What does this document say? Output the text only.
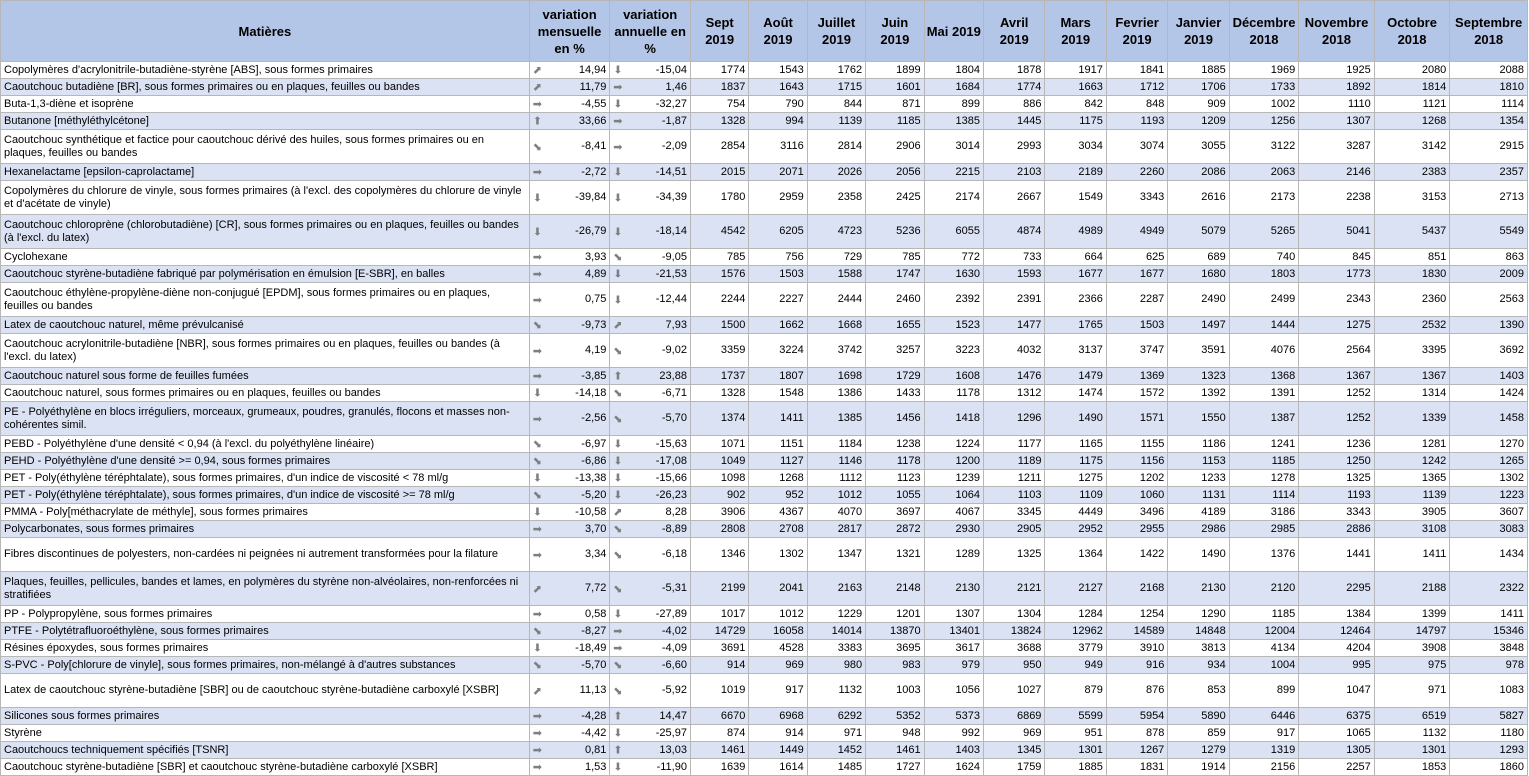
Matières	variation mensuelle en %	variation annuelle en %	Sept 2019	Août 2019	Juillet 2019	Juin 2019	Mai 2019	Avril 2019	Mars 2019	Fevrier 2019	Janvier 2019	Décembre 2018	Novembre 2018	Octobre 2018	Septembre 2018
Copolymères d'acrylonitrile-butadiène-styrène [ABS], sous formes primaires	⬈ 14,94	⬇ -15,04	1774	1543	1762	1899	1804	1878	1917	1841	1885	1969	1925	2080	2088
Caoutchouc butadiène [BR], sous formes primaires ou en plaques, feuilles ou bandes	⬈ 11,79	➡ 1,46	1837	1643	1715	1601	1684	1774	1663	1712	1706	1733	1892	1814	1810
Buta-1,3-diène et isoprène	➡ -4,55	⬇ -32,27	754	790	844	871	899	886	842	848	909	1002	1110	1121	1114
Butanone [méthyléthylcétone]	⬆ 33,66	➡ -1,87	1328	994	1139	1185	1385	1445	1175	1193	1209	1256	1307	1268	1354
Caoutchouc synthétique et factice pour caoutchouc dérivé des huiles, sous formes primaires ou en plaques, feuilles ou bandes	⬊ -8,41	➡ -2,09	2854	3116	2814	2906	3014	2993	3034	3074	3055	3122	3287	3142	2915
Hexanelactame [epsilon-caprolactame]	➡ -2,72	⬇ -14,51	2015	2071	2026	2056	2215	2103	2189	2260	2086	2063	2146	2383	2357
Copolymères du chlorure de vinyle, sous formes primaires (à l'excl. des copolymères du chlorure de vinyle et d'acétate de vinyle)	⬇ -39,84	⬇ -34,39	1780	2959	2358	2425	2174	2667	1549	3343	2616	2173	2238	3153	2713
Caoutchouc chloroprène (chlorobutadiène) [CR], sous formes primaires ou en plaques, feuilles ou bandes (à l'excl. du latex)	⬇ -26,79	⬇ -18,14	4542	6205	4723	5236	6055	4874	4989	4949	5079	5265	5041	5437	5549
Cyclohexane	➡ 3,93	⬊ -9,05	785	756	729	785	772	733	664	625	689	740	845	851	863
Caoutchouc styrène-butadiène fabriqué par polymérisation en émulsion [E-SBR], en balles	➡ 4,89	⬇ -21,53	1576	1503	1588	1747	1630	1593	1677	1677	1680	1803	1773	1830	2009
Caoutchouc éthylène-propylène-diène non-conjugué [EPDM], sous formes primaires ou en plaques, feuilles ou bandes	➡ 0,75	⬇ -12,44	2244	2227	2444	2460	2392	2391	2366	2287	2490	2499	2343	2360	2563
Latex de caoutchouc naturel, même prévulcanisé	⬊ -9,73	⬈ 7,93	1500	1662	1668	1655	1523	1477	1765	1503	1497	1444	1275	2532	1390
Caoutchouc acrylonitrile-butadiène [NBR], sous formes primaires ou en plaques, feuilles ou bandes (à l'excl. du latex)	➡ 4,19	⬊ -9,02	3359	3224	3742	3257	3223	4032	3137	3747	3591	4076	2564	3395	3692
Caoutchouc naturel sous forme de feuilles fumées	➡ -3,85	⬆ 23,88	1737	1807	1698	1729	1608	1476	1479	1369	1323	1368	1367	1367	1403
Caoutchouc naturel, sous formes primaires ou en plaques, feuilles ou bandes	⬇ -14,18	⬊ -6,71	1328	1548	1386	1433	1178	1312	1474	1572	1392	1391	1252	1314	1424
PE - Polyéthylène en blocs irréguliers, morceaux, grumeaux, poudres, granulés, flocons et masses non-cohérentes simil.	➡ -2,56	⬊ -5,70	1374	1411	1385	1456	1418	1296	1490	1571	1550	1387	1252	1339	1458
PEBD - Polyéthylène d'une densité < 0,94 (à l'excl. du polyéthylène linéaire)	⬊ -6,97	⬇ -15,63	1071	1151	1184	1238	1224	1177	1165	1155	1186	1241	1236	1281	1270
PEHD - Polyéthylène d'une densité >= 0,94, sous formes primaires	⬊ -6,86	⬇ -17,08	1049	1127	1146	1178	1200	1189	1175	1156	1153	1185	1250	1242	1265
PET - Poly(éthylène téréphtalate), sous formes primaires, d'un indice de viscosité < 78 ml/g	⬇ -13,38	⬇ -15,66	1098	1268	1112	1123	1239	1211	1275	1202	1233	1278	1325	1365	1302
PET - Poly(éthylène téréphtalate), sous formes primaires, d'un indice de viscosité >= 78 ml/g	⬊ -5,20	⬇ -26,23	902	952	1012	1055	1064	1103	1109	1060	1131	1114	1193	1139	1223
PMMA - Poly[méthacrylate de méthyle], sous formes primaires	⬇ -10,58	⬈ 8,28	3906	4367	4070	3697	4067	3345	4449	3496	4189	3186	3343	3905	3607
Polycarbonates, sous formes primaires	➡ 3,70	⬊ -8,89	2808	2708	2817	2872	2930	2905	2952	2955	2986	2985	2886	3108	3083
Fibres discontinues de polyesters, non-cardées ni peignées ni autrement transformées pour la filature	➡ 3,34	⬊ -6,18	1346	1302	1347	1321	1289	1325	1364	1422	1490	1376	1441	1411	1434
Plaques, feuilles, pellicules, bandes et lames, en polymères du styrène non-alvéolaires, non-renforcées ni stratifiées	⬈ 7,72	⬊ -5,31	2199	2041	2163	2148	2130	2121	2127	2168	2130	2120	2295	2188	2322
PP - Polypropylène, sous formes primaires	➡ 0,58	⬇ -27,89	1017	1012	1229	1201	1307	1304	1284	1254	1290	1185	1384	1399	1411
PTFE - Polytétrafluoroéthylène, sous formes primaires	⬊ -8,27	➡ -4,02	14729	16058	14014	13870	13401	13824	12962	14589	14848	12004	12464	14797	15346
Résines époxydes, sous formes primaires	⬇ -18,49	➡ -4,09	3691	4528	3383	3695	3617	3688	3779	3910	3813	4134	4204	3908	3848
S-PVC - Poly[chlorure de vinyle], sous formes primaires, non-mélangé à d'autres substances	⬊ -5,70	⬊ -6,60	914	969	980	983	979	950	949	916	934	1004	995	975	978
Latex de caoutchouc styrène-butadiène [SBR] ou de caoutchouc styrène-butadiène carboxylé [XSBR]	⬈ 11,13	⬊ -5,92	1019	917	1132	1003	1056	1027	879	876	853	899	1047	971	1083
Silicones sous formes primaires	➡ -4,28	⬆ 14,47	6670	6968	6292	5352	5373	6869	5599	5954	5890	6446	6375	6519	5827
Styrène	➡ -4,42	⬇ -25,97	874	914	971	948	992	969	951	878	859	917	1065	1132	1180
Caoutchoucs techniquement spécifiés [TSNR]	➡ 0,81	⬆ 13,03	1461	1449	1452	1461	1403	1345	1301	1267	1279	1319	1305	1301	1293
Caoutchouc styrène-butadiène [SBR] et caoutchouc styrène-butadiène carboxylé [XSBR]	➡ 1,53	⬇ -11,90	1639	1614	1485	1727	1624	1759	1885	1831	1914	2156	2257	1853	1860
